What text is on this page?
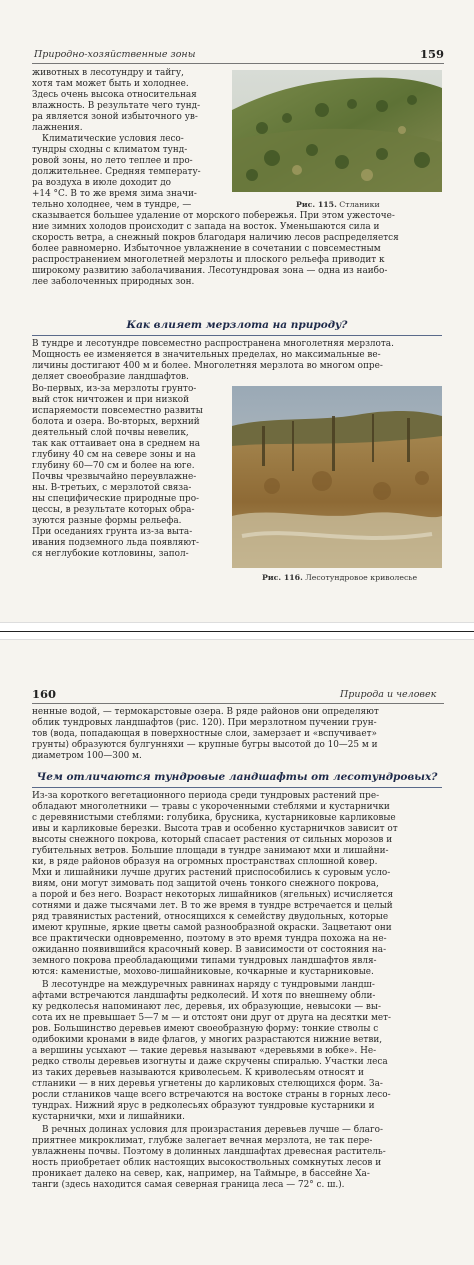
Природно-хозяйственные зоны	159

животных в лесотундру и тайгу,

хотя там может быть и холоднее.

Здесь очень высока относительная

влажность. В результате чего тунд-

ра является зоной избыточного ув-

лажнения.

Климатические условия лесо-

тундры сходны с климатом тунд-

ровой зоны, но лето теплее и про-

должительнее. Средняя температу-

ра воздуха в июле доходит до

+14 °С. В то же время зима значи-

тельно холоднее, чем в тундре, —	Рис. 115. Стланики

сказывается большее удаление от морского побережья. При этом ужесточе-

ние зимних холодов происходит с запада на восток. Уменьшаются сила и

скорость ветра, а снежный покров благодаря наличию лесов распределяется

более равномерно. Избыточное увлажнение в сочетании с повсеместным

распространением многолетней мерзлоты и плоского рельефа приводит к

широкому развитию заболачивания. Лесотундровая зона — одна из наибо-

лее заболоченных природных зон.

Как влияет мерзлота на природу?

В тундре и лесотундре повсеместно распространена многолетняя мерзлота.

Мощность ее изменяется в значительных пределах, но максимальные ве-

личины достигают 400 м и более. Многолетняя мерзлота во многом опре-

деляет своеобразие ландшафтов.

Во-первых, из-за мерзлоты грунто-

вый сток ничтожен и при низкой

испаряемости повсеместно развиты

болота и озера. Во-вторых, верхний

деятельный слой почвы невелик,

так как оттаивает она в среднем на

глубину 40 см на севере зоны и на

глубину 60—70 см и более на юге.

Почвы чрезвычайно переувлажне-

ны. В-третьих, с мерзлотой связа-

ны специфические природные про-

цессы, в результате которых обра-

зуются разные формы рельефа.

При оседаниях грунта из-за вытa-

ивания подземного льда появляют-

ся неглубокие котловины, запол-

Рис. 116. Лесотундровое криволесье
160	Природа и человек

ненные водой, — термокарстовые озера. В ряде районов они определяют

облик тундровых ландшафтов (рис. 120). При мерзлотном пучении грун-

тов (вода, попадающая в поверхностные слои, замерзает и «вспучивает»

грунты) образуются булгунняхи — крупные бугры высотой до 10—25 м и

диаметром 100—300 м.

Чем отличаются тундровые ландшафты от лесотундровых?

Из-за короткого вегетационного периода среди тундровых растений пре-

обладают многолетники — травы с укороченными стеблями и кустарнички

с деревянистыми стеблями: голубика, брусника, кустарниковые карликовые

ивы и карликовые березки. Высота трав и особенно кустарничков зависит от

высоты снежного покрова, который спасает растения от сильных морозов и

губительных ветров. Большие площади в тундре занимают мхи и лишайни-

ки, в ряде районов образуя на огромных пространствах сплошной ковер.

Мхи и лишайники лучше других растений приспособились к суровым усло-

виям, они могут зимовать под защитой очень тонкого снежного покрова,

а порой и без него. Возраст некоторых лишайников (ягельных) исчисляется

сотнями и даже тысячами лет. В то же время в тундре встречается и целый

ряд травянистых растений, относящихся к семейству двудольных, которые

имеют крупные, яркие цветы самой разнообразной окраски. Зацветают они

все практически одновременно, поэтому в это время тундра похожа на не-

ожиданно появившийся красочный ковер. В зависимости от состояния на-

земного покрова преобладающими типами тундровых ландшафтов явля-

ются: каменистые, мохово-лишайниковые, кочкарные и кустарниковые.

В лесотундре на междуречных равнинах наряду с тундровыми ландш-

афтами встречаются ландшафты редколесий. И хотя по внешнему обли-

ку редколесья напоминают лес, деревья, их образующие, невысоки — вы-

сота их не превышает 5—7 м — и отстоят они друг от друга на десятки мет-

ров. Большинство деревьев имеют своеобразную форму: тонкие стволы с

одибокими кронами в виде флагов, у многих разрастаются нижние ветви,

а вершины усыхают — такие деревья называют «деревьями в юбке». Не-

редко стволы деревьев изогнуты и даже скручены спиралью. Участки леса

из таких деревьев называются криволесьем. К криволесьям относят и

стланики — в них деревья угнетены до карликовых стелющихся форм. За-

росли стлаников чаще всего встречаются на востоке страны в горных лесо-

тундрах. Нижний ярус в редколесьях образуют тундровые кустарники и

кустарнички, мхи и лишайники.

В речных долинах условия для произрастания деревьев лучше — благо-

приятнее микроклимат, глубже залегает вечная мерзлота, не так пере-

увлажнены почвы. Поэтому в долинных ландшафтах древесная раститель-

ность приобретает облик настоящих высокоствольных сомкнутых лесов и

проникает далеко на север, как, например, на Таймыре, в бассейне Ха-

танги (здесь находится самая северная граница леса — 72° с. ш.).
